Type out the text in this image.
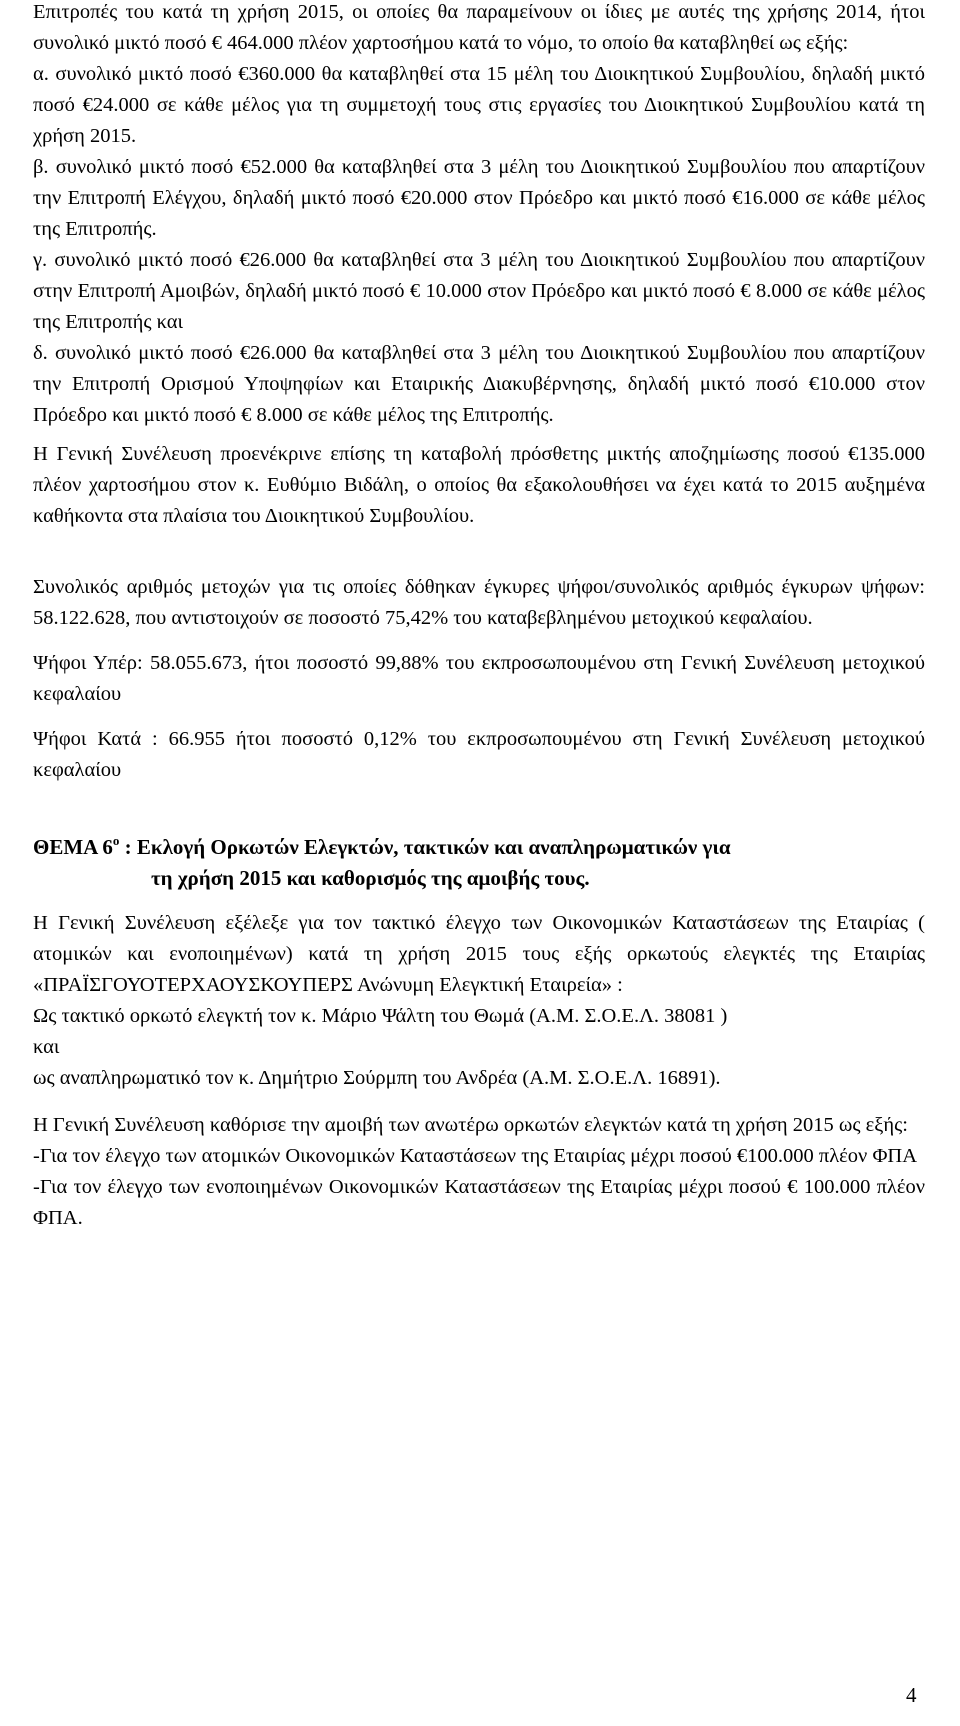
Επιτροπές του κατά τη χρήση 2015, οι οποίες θα παραμείνουν οι ίδιες με αυτές της χρήσης 2014, ήτοι συνολικό μικτό ποσό € 464.000 πλέον χαρτοσήμου κατά το νόμο, το οποίο θα καταβληθεί ως εξής:

α. συνολικό μικτό ποσό €360.000 θα καταβληθεί στα 15 μέλη του Διοικητικού Συμβουλίου, δηλαδή μικτό ποσό €24.000 σε κάθε μέλος για τη συμμετοχή τους στις εργασίες του Διοικητικού Συμβουλίου κατά τη χρήση 2015.

β. συνολικό μικτό ποσό €52.000 θα καταβληθεί στα 3 μέλη του Διοικητικού Συμβουλίου που απαρτίζουν την Επιτροπή Ελέγχου, δηλαδή μικτό ποσό €20.000 στον Πρόεδρο και μικτό ποσό €16.000 σε κάθε μέλος της Επιτροπής.

γ. συνολικό μικτό ποσό €26.000 θα καταβληθεί στα 3 μέλη του Διοικητικού Συμβουλίου που απαρτίζουν στην Επιτροπή Αμοιβών, δηλαδή μικτό ποσό € 10.000 στον Πρόεδρο και μικτό ποσό € 8.000 σε κάθε μέλος της Επιτροπής και

δ. συνολικό μικτό ποσό €26.000 θα καταβληθεί στα 3 μέλη του Διοικητικού Συμβουλίου που απαρτίζουν την Επιτροπή Ορισμού Υποψηφίων και Εταιρικής Διακυβέρνησης, δηλαδή μικτό ποσό €10.000 στον Πρόεδρο και μικτό ποσό € 8.000 σε κάθε μέλος της Επιτροπής.

Η Γενική Συνέλευση προενέκρινε επίσης τη καταβολή πρόσθετης μικτής αποζημίωσης ποσού €135.000 πλέον χαρτοσήμου στον κ. Ευθύμιο Βιδάλη, ο οποίος θα εξακολουθήσει να έχει κατά το 2015 αυξημένα καθήκοντα στα πλαίσια του Διοικητικού Συμβουλίου.

Συνολικός αριθμός μετοχών για τις οποίες δόθηκαν έγκυρες ψήφοι/συνολικός αριθμός έγκυρων ψήφων: 58.122.628, που αντιστοιχούν σε ποσοστό 75,42% του καταβεβλημένου μετοχικού κεφαλαίου.

Ψήφοι Υπέρ: 58.055.673, ήτοι ποσοστό 99,88% του εκπροσωπουμένου στη Γενική Συνέλευση μετοχικού κεφαλαίου

Ψήφοι Κατά : 66.955 ήτοι ποσοστό 0,12% του εκπροσωπουμένου στη Γενική Συνέλευση μετοχικού κεφαλαίου

ΘΕΜΑ $6^o$ : Εκλογή Ορκωτών Ελεγκτών, τακτικών και αναπληρωματικών για
τη χρήση 2015 και καθορισμός της αμοιβής τους.

Η Γενική Συνέλευση εξέλεξε για τον τακτικό έλεγχο των Οικονομικών Καταστάσεων της Εταιρίας ( ατομικών και ενοποιημένων) κατά τη χρήση 2015 τους εξής ορκωτούς ελεγκτές της Εταιρίας «ΠΡΑΪΣΓΟΥΟΤΕΡΧΑΟΥΣΚΟΥΠΕΡΣ Ανώνυμη Ελεγκτική Εταιρεία» :

Ως τακτικό ορκωτό ελεγκτή τον κ. Μάριο Ψάλτη του Θωμά (Α.Μ. Σ.Ο.Ε.Λ. 38081 )

και

ως αναπληρωματικό τον κ. Δημήτριο Σούρμπη του Ανδρέα (Α.Μ. Σ.Ο.Ε.Λ. 16891).

Η Γενική Συνέλευση καθόρισε την αμοιβή των ανωτέρω ορκωτών ελεγκτών κατά τη χρήση 2015 ως εξής:

-Για τον έλεγχο των ατομικών Οικονομικών Καταστάσεων της Εταιρίας μέχρι ποσού €100.000 πλέον ΦΠΑ

-Για τον έλεγχο των ενοποιημένων Οικονομικών Καταστάσεων της Εταιρίας μέχρι ποσού € 100.000 πλέον ΦΠΑ.

4
